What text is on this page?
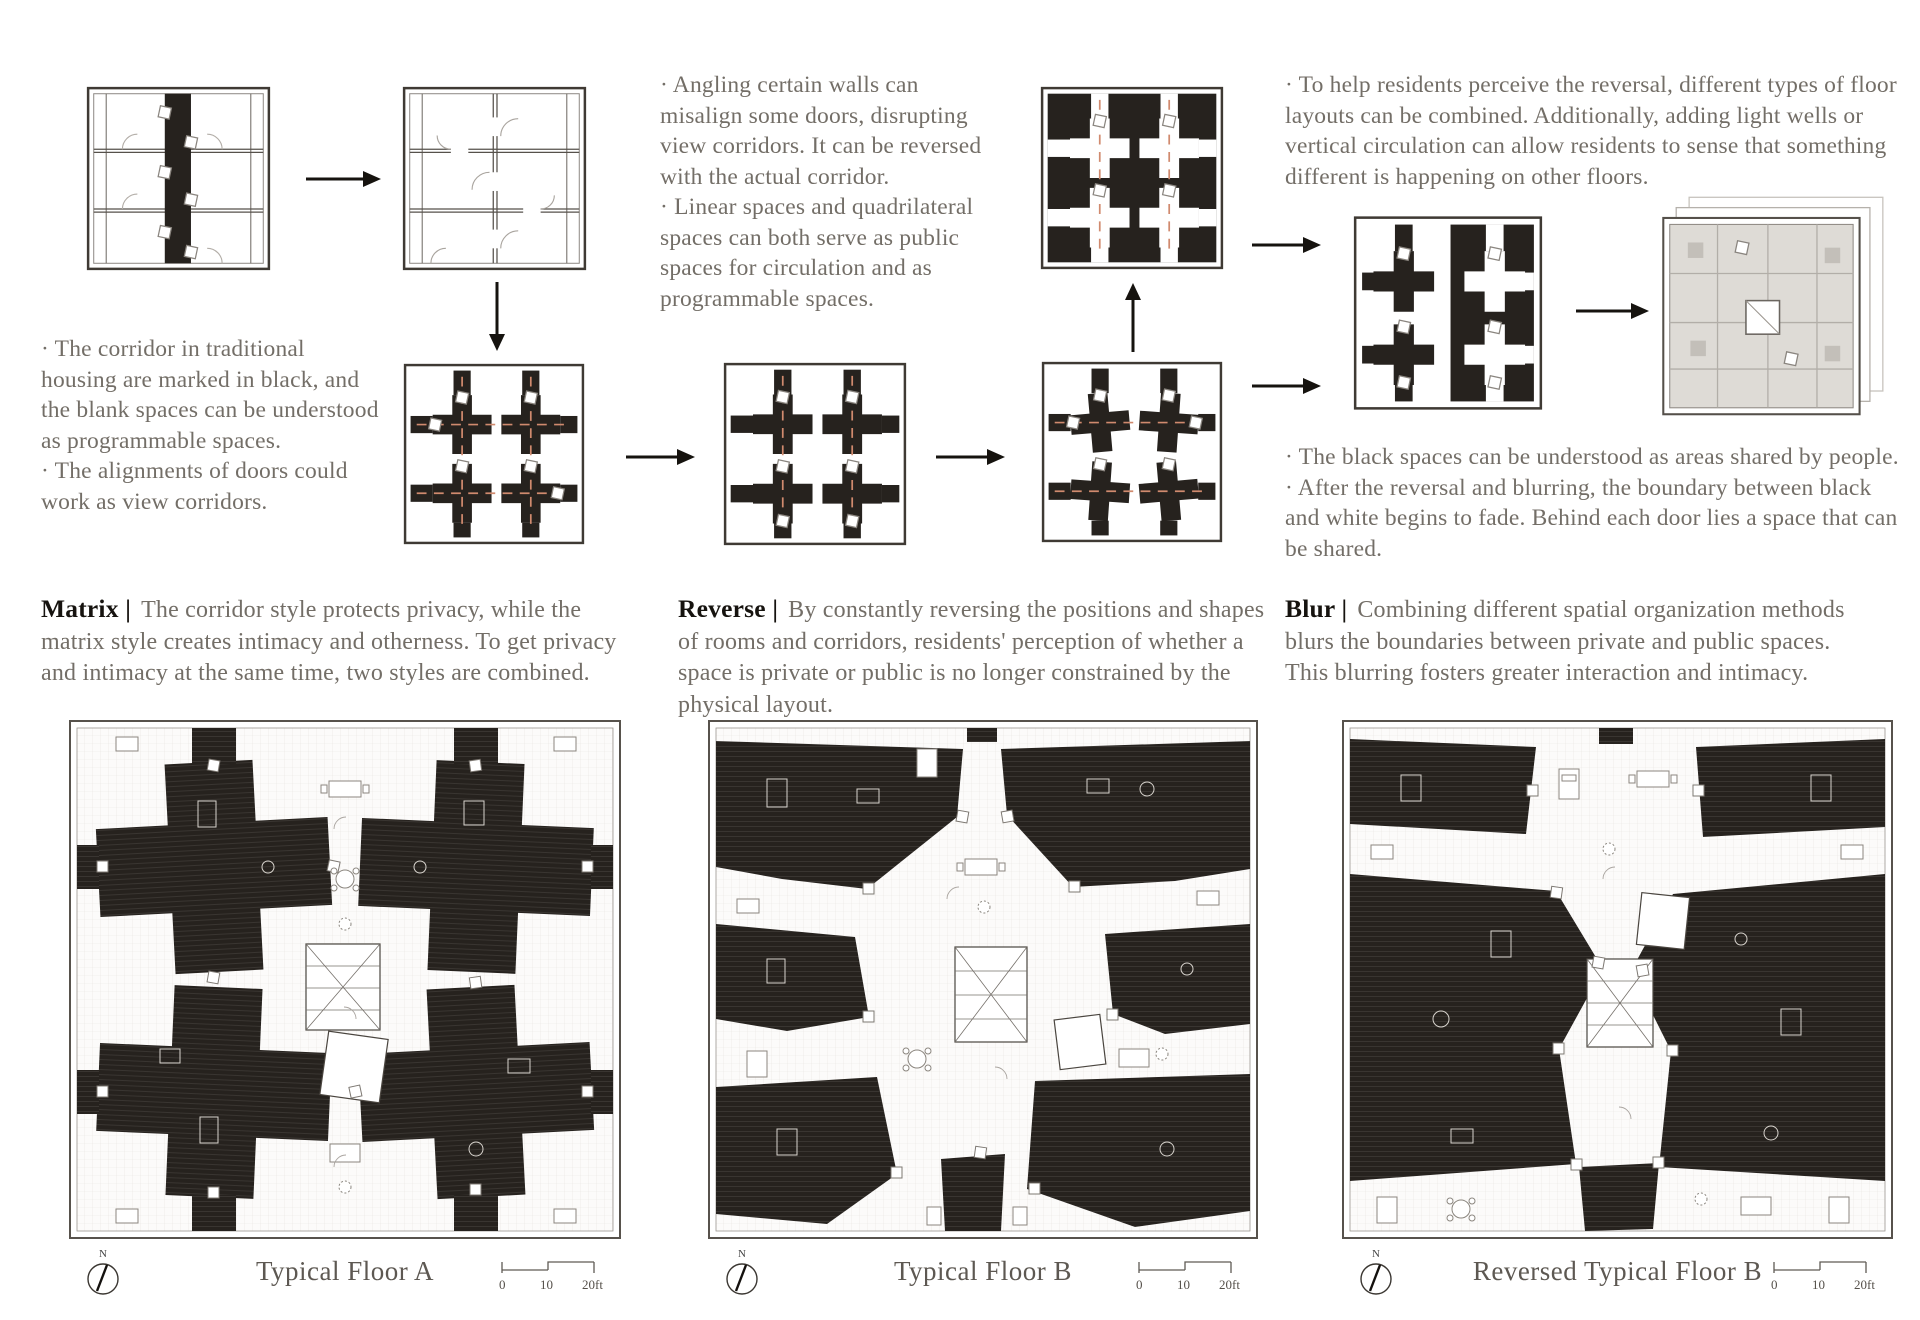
· The corridor in traditional housing are marked in black, and the blank spaces can be understood as programmable spaces.

· The alignments of doors could work as view corridors.

Matrix | The corridor style protects privacy, while the matrix style creates intimacy and otherness. To get privacy and intimacy at the same time, two styles are combined.

· Angling certain walls can misalign some doors, disrupting view corridors. It can be reversed with the actual corridor.

· Linear spaces and quadrilateral spaces can both serve as public spaces for circulation and as programmable spaces.

Reverse | By constantly reversing the positions and shapes of rooms and corridors, residents' perception of whether a space is private or public is no longer constrained by the physical layout.

· To help residents perceive the reversal, different types of floor layouts can be combined. Additionally, adding light wells or vertical circulation can allow residents to sense that something different is happening on other floors.

· The black spaces can be understood as areas shared by people.

· After the reversal and blurring, the boundary between black and white begins to fade. Behind each door lies a space that can be shared.

Blur | Combining different spatial organization methods blurs the boundaries between private and public spaces. This blurring fosters greater interaction and intimacy.
N
Typical Floor A	0	10 20ft
N
Typical Floor B	0	10 20ft
N
Reversed Typical Floor B 0	10 20ft
